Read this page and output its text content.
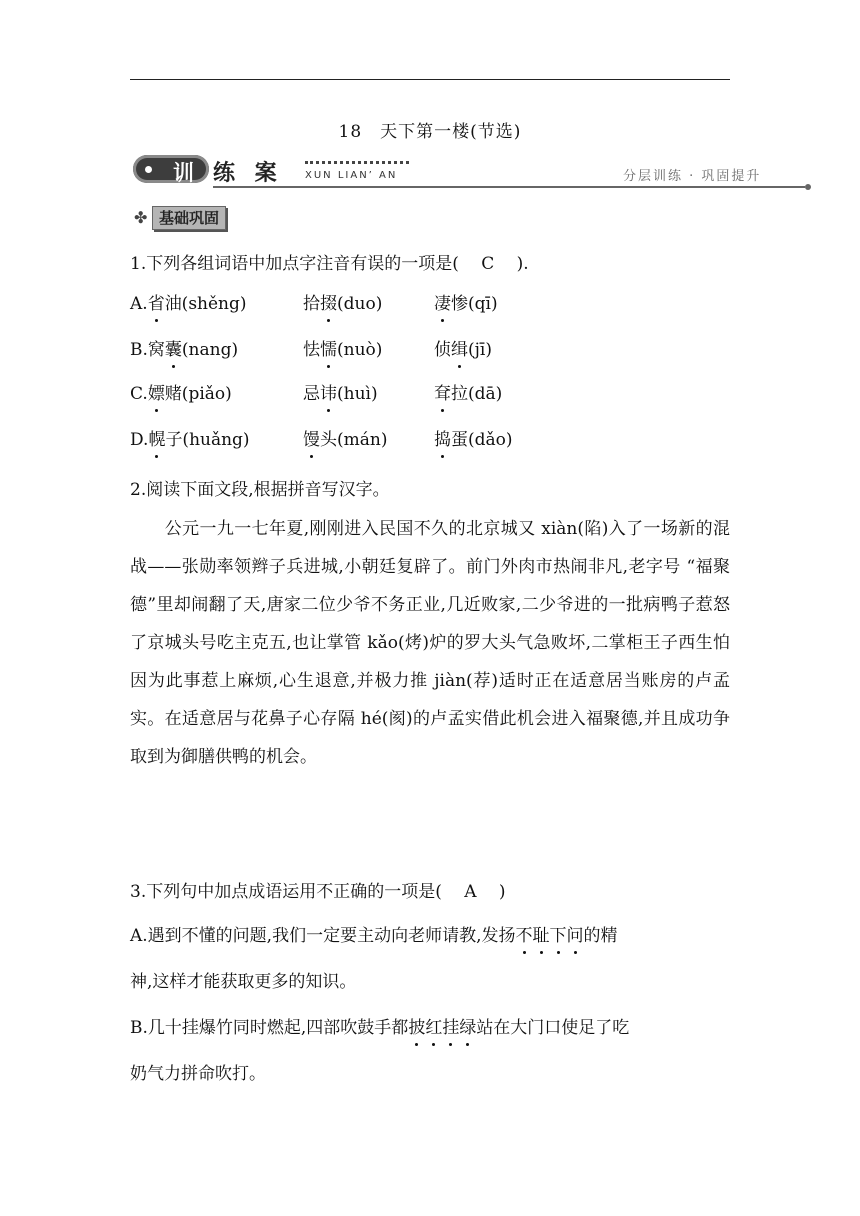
18　天下第一楼(节选)
训 练 案 XUN LIAN’ AN	分层训练 · 巩固提升
✤ 基础巩固
1.下列各组词语中加点字注音有误的一项是(　 C　 ).
A.省油(shěng)	拾掇(duo)	凄惨(qī)
B.窝囊(nang)	怯懦(nuò)	侦缉(jī)
C.嫖赌(piǎo)	忌讳(huì)	耷拉(dā)
D.幌子(huǎng)	馒头(mán)	捣蛋(dǎo)
2.阅读下面文段,根据拼音写汉字。
　　公元一九一七年夏,刚刚进入民国不久的北京城又 xiàn(陷)入了一场新的混战——张勋率领辫子兵进城,小朝廷复辟了。前门外肉市热闹非凡,老字号 “福聚德”里却闹翻了天,唐家二位少爷不务正业,几近败家,二少爷进的一批病鸭子惹怒了京城头号吃主克五,也让掌管 kǎo(烤)炉的罗大头气急败坏,二掌柜王子西生怕因为此事惹上麻烦,心生退意,并极力推 jiàn(荐)适时正在适意居当账房的卢孟实。在适意居与花鼻子心存隔 hé(阂)的卢孟实借此机会进入福聚德,并且成功争取到为御膳供鸭的机会。
3.下列句中加点成语运用不正确的一项是(　 A　 )
A.遇到不懂的问题,我们一定要主动向老师请教,发扬不耻下问的精
神,这样才能获取更多的知识。
B.几十挂爆竹同时燃起,四部吹鼓手都披红挂绿站在大门口使足了吃
奶气力拼命吹打。
